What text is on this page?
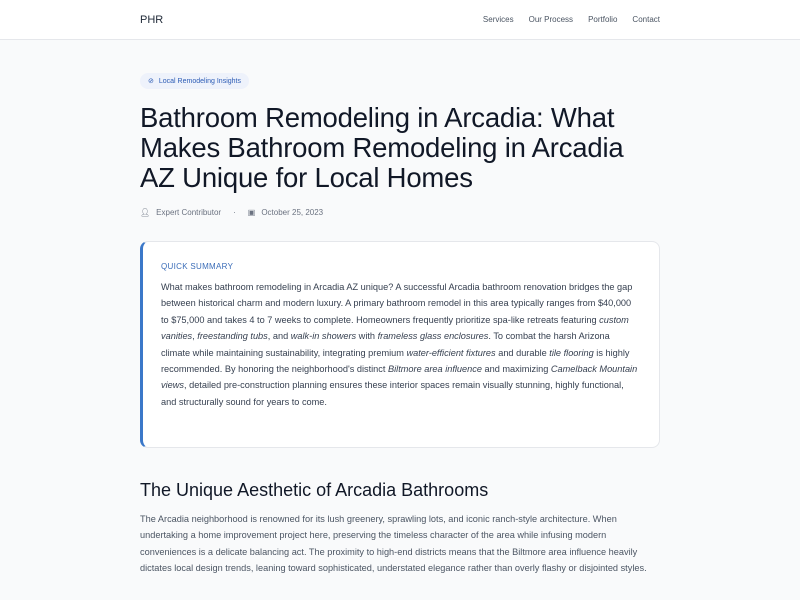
PHR	Services Our Process Portfolio Contact
⊘ Local Remodeling Insights
Bathroom Remodeling in Arcadia: What Makes Bathroom Remodeling in Arcadia AZ Unique for Local Homes
👤︎ Expert Contributor · ▣ October 25, 2023
QUICK SUMMARY

What makes bathroom remodeling in Arcadia AZ unique? A successful Arcadia bathroom renovation bridges the gap between historical charm and modern luxury. A primary bathroom remodel in this area typically ranges from $40,000 to $75,000 and takes 4 to 7 weeks to complete. Homeowners frequently prioritize spa-like retreats featuring custom vanities, freestanding tubs, and walk-in showers with frameless glass enclosures. To combat the harsh Arizona climate while maintaining sustainability, integrating premium water-efficient fixtures and durable tile flooring is highly recommended. By honoring the neighborhood's distinct Biltmore area influence and maximizing Camelback Mountain views, detailed pre-construction planning ensures these interior spaces remain visually stunning, highly functional, and structurally sound for years to come.

The Unique Aesthetic of Arcadia Bathrooms

The Arcadia neighborhood is renowned for its lush greenery, sprawling lots, and iconic ranch-style architecture. When undertaking a home improvement project here, preserving the timeless character of the area while infusing modern conveniences is a delicate balancing act. The proximity to high-end districts means that the Biltmore area influence heavily dictates local design trends, leaning toward sophisticated, understated elegance rather than overly flashy or disjointed styles.
